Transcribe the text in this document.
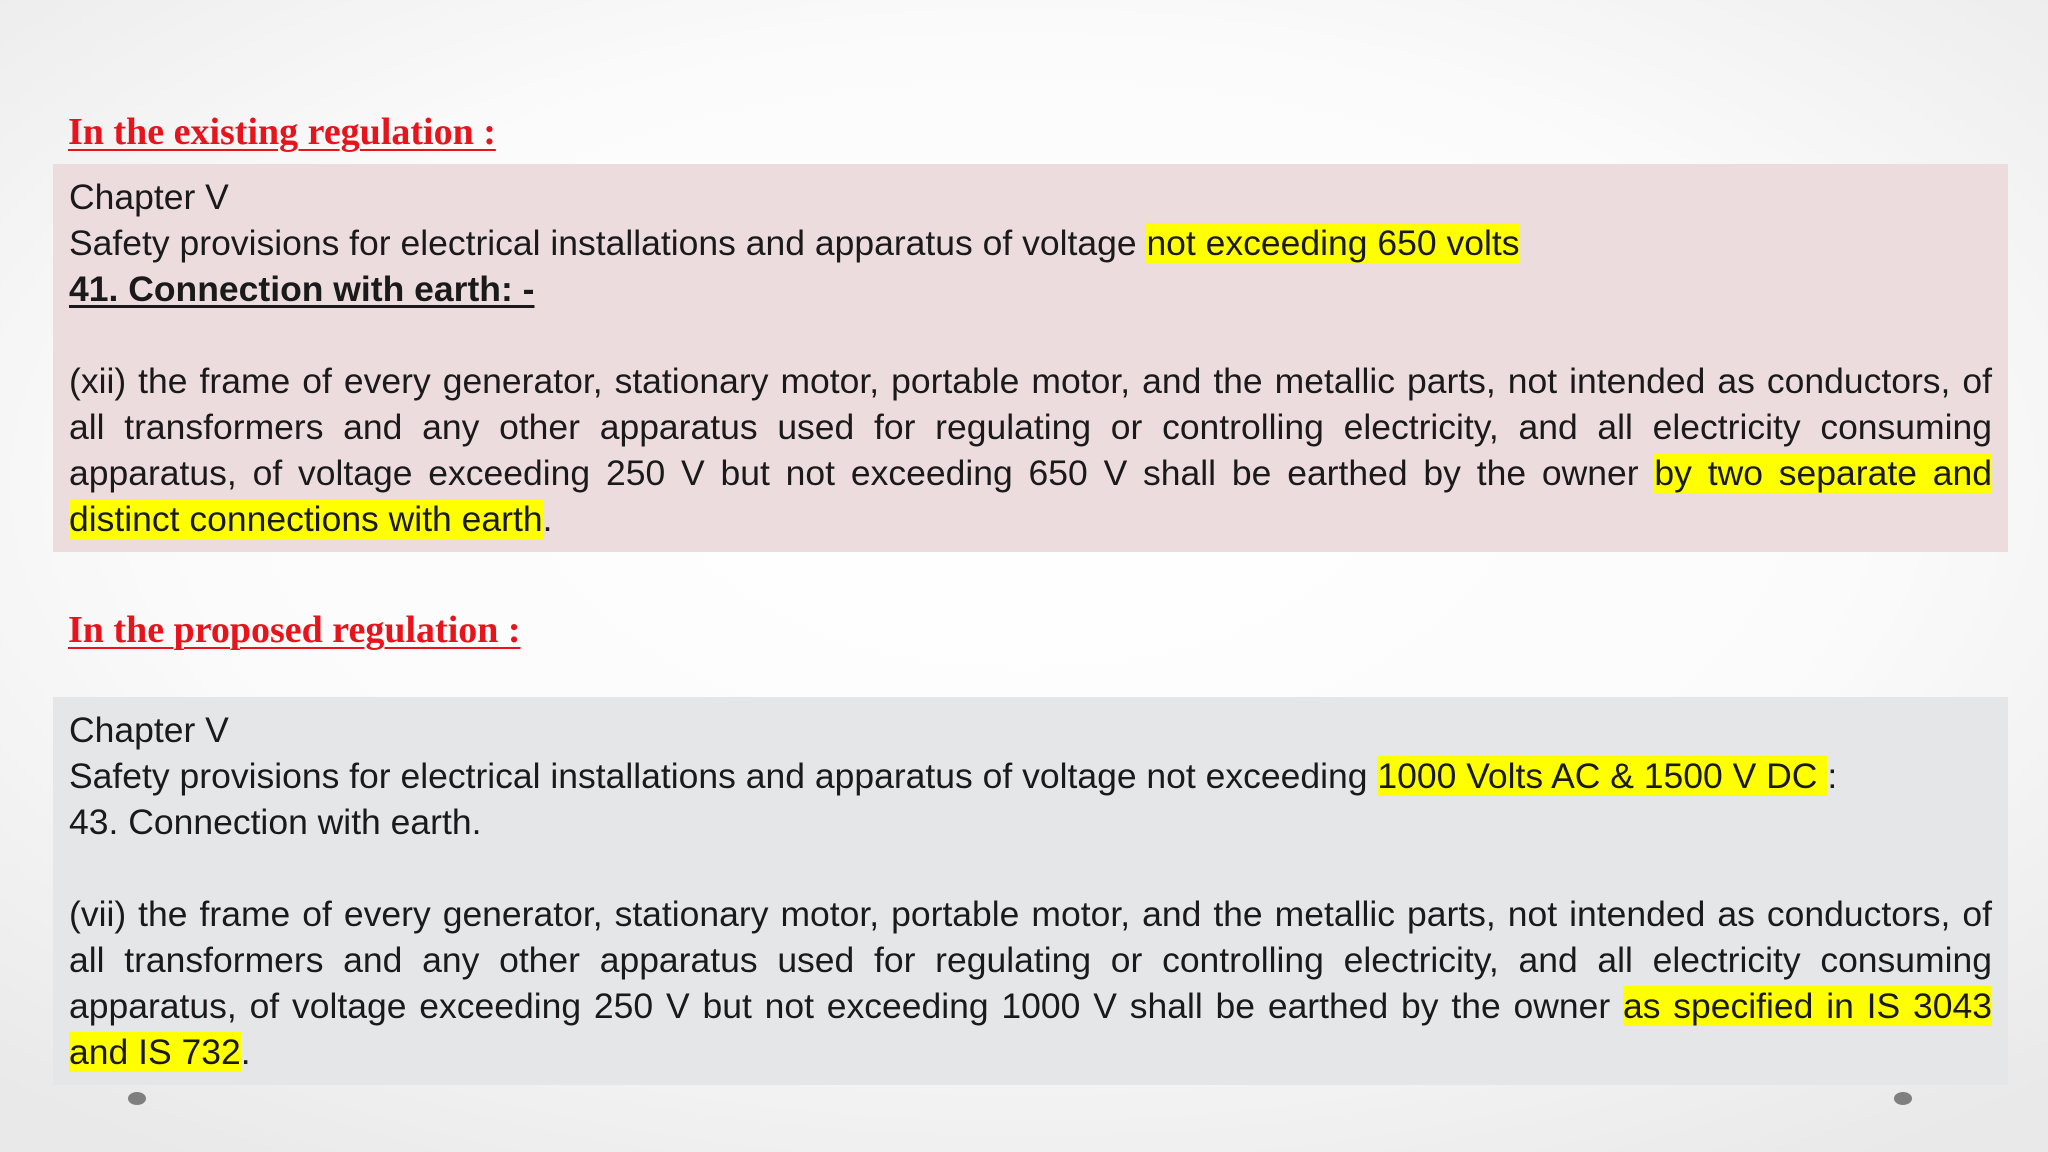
In the existing regulation :

Chapter V

Safety provisions for electrical installations and apparatus of voltage not exceeding 650 volts

41. Connection with earth: -

(xii) the frame of every generator, stationary motor, portable motor, and the metallic parts, not intended as conductors, of all transformers and any other apparatus used for regulating or controlling electricity, and all electricity consuming apparatus, of voltage exceeding 250 V but not exceeding 650 V shall be earthed by the owner by two separate and distinct connections with earth.

In the proposed regulation :

Chapter V

Safety provisions for electrical installations and apparatus of voltage not exceeding 1000 Volts AC & 1500 V DC :

43. Connection with earth.

(vii) the frame of every generator, stationary motor, portable motor, and the metallic parts, not intended as conductors, of all transformers and any other apparatus used for regulating or controlling electricity, and all electricity consuming apparatus, of voltage exceeding 250 V but not exceeding 1000 V shall be earthed by the owner as specified in IS 3043 and IS 732.
